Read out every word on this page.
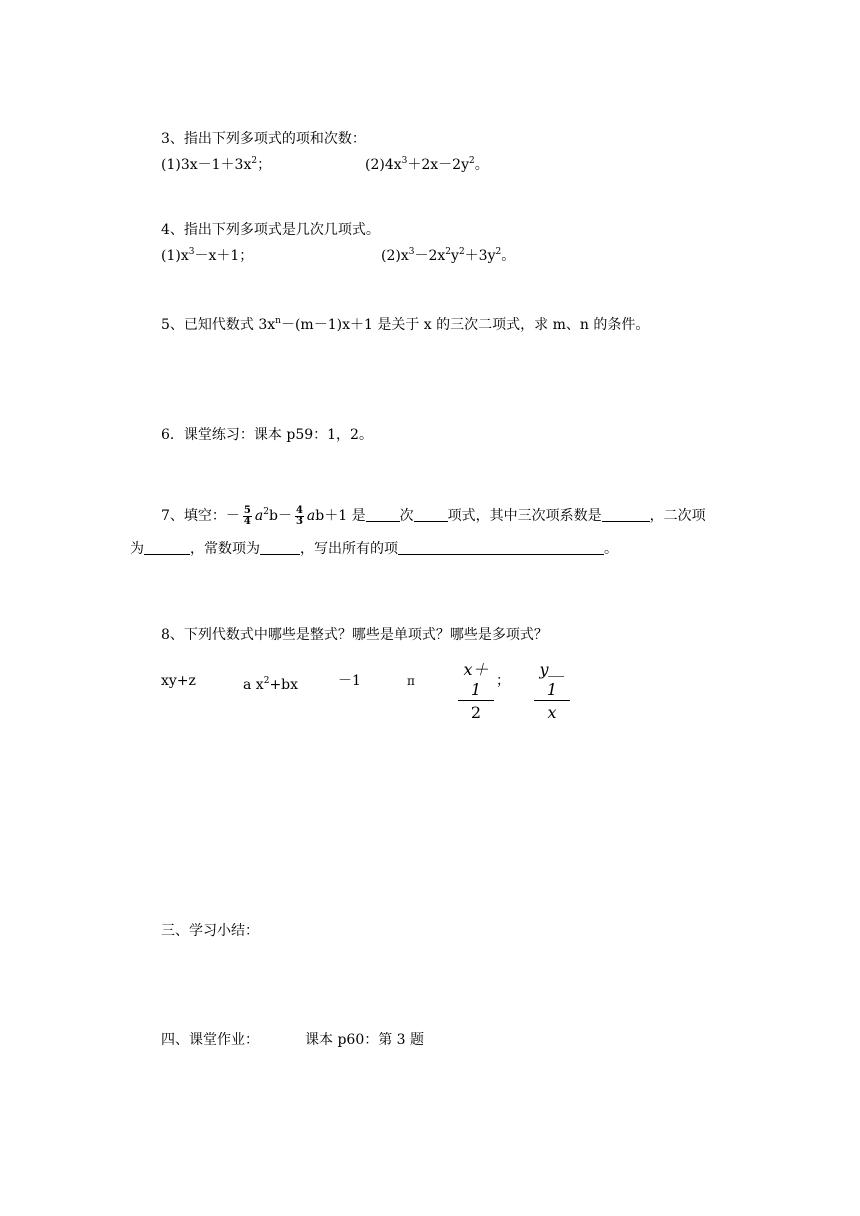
3、指出下列多项式的项和次数：
$(1)3x-1+3x^2$；	$(2)4x^3+2x-2y^2$。
4、指出下列多项式是几次几项式。
$(1)x^3-x+1$；	$(2)x^3-2x^2y^2+3y^2$。
5、已知代数式 $3x^n-(m-1)x+1$ 是关于 x 的三次二项式，求 m、n 的条件。
6．课堂练习：课本 p59：1，2。
7、填空：－ $\frac{5}{4} a^2b- \frac{4}{3} ab+1$ 是 次 项式，其中三次项系数是	，二次项
为	，常数项为	，写出所有的项	。
8、下列代数式中哪些是整式？哪些是单项式？哪些是多项式？
xy+z	a $x^2+bx$	－1	π	$\frac{x+1}{2}$ ； $\frac{y\_1}{x}$
三、学习小结：
四、课堂作业：	课本 p60：第 3 题
